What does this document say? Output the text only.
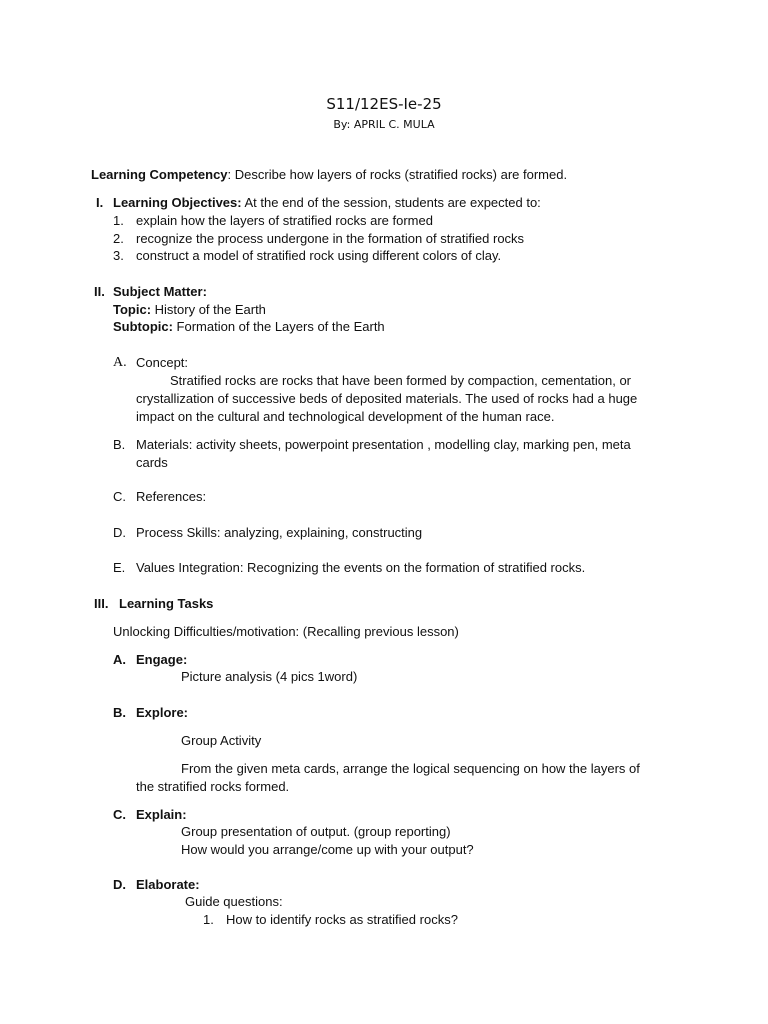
S11/12ES-Ie-25
By: APRIL C. MULA
Learning Competency: Describe how layers of rocks (stratified rocks) are formed.
I. Learning Objectives: At the end of the session, students are expected to:
1. explain how the layers of stratified rocks are formed
2. recognize the process undergone in the formation of stratified rocks
3. construct a model of stratified rock using different colors of clay.
II. Subject Matter:
Topic: History of the Earth
Subtopic: Formation of the Layers of the Earth
A. Concept:
Stratified rocks are rocks that have been formed by compaction, cementation, or
crystallization of successive beds of deposited materials. The used of rocks had a huge
impact on the cultural and technological development of the human race.
B. Materials: activity sheets, powerpoint presentation , modelling clay, marking pen, meta
cards
C. References:
D. Process Skills: analyzing, explaining, constructing
E. Values Integration: Recognizing the events on the formation of stratified rocks.
III. Learning Tasks
Unlocking Difficulties/motivation: (Recalling previous lesson)
A. Engage:
Picture analysis (4 pics 1word)
B. Explore:
Group Activity
From the given meta cards, arrange the logical sequencing on how the layers of
the stratified rocks formed.
C. Explain:
Group presentation of output. (group reporting)
How would you arrange/come up with your output?
D. Elaborate:
Guide questions:
1. How to identify rocks as stratified rocks?
